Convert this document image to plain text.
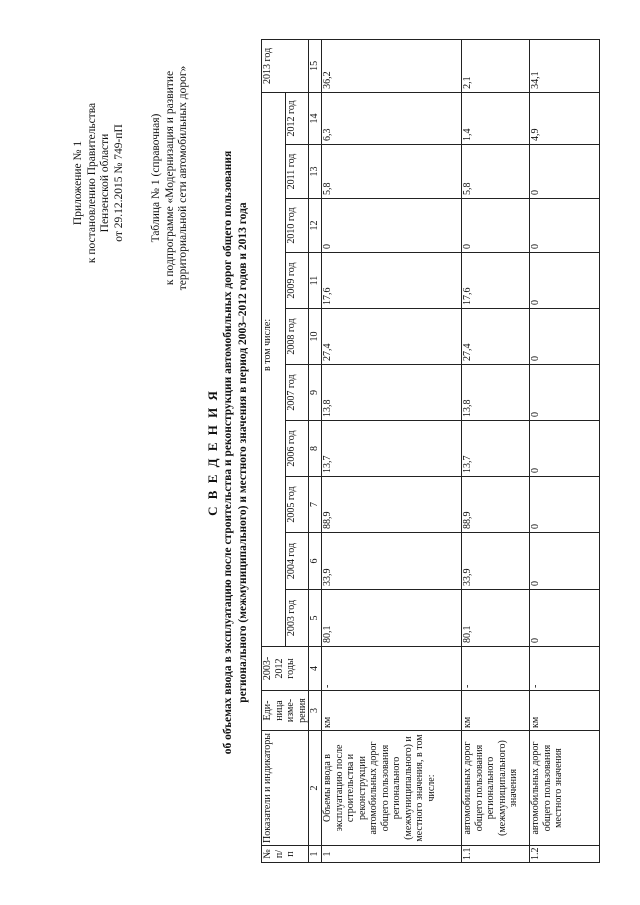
Приложение № 1 к постановлению Правительства Пензенской области от 29.12.2015 № 749-пП Таблица № 1 (справочная) к подпрограмме «Модернизация и развитие территориальной сети автомобильных дорог»
С В Е Д Е Н И Я об объемах ввода в эксплуатацию после строительства и реконструкции автомобильных дорог общего пользования регионального (межмуниципального) и местного значения в период 2003–2012 годов и 2013 года
№ п/п	Показатели и индикаторы	Еди-ница изме-рения	2003-2012 годы	в том числе:										2013 год
				2003 год	2004 год	2005 год	2006 год	2007 год	2008 год	2009 год	2010 год	2011 год	2012 год	
1	2	3	4	5	6	7	8	9	10	11	12	13	14	15
1	Объемы ввода в эксплуатацию после строительства и реконструкции автомобильных дорог общего пользования регионального (межмуниципального) и местного значения, в том числе:	км	-	80,1	33,9	88,9	13,7	13,8	27,4	17,6	0	5,8	6,3	36,2
1.1	автомобильных дорог общего пользования регионального (межмуниципального) значения	км	-	80,1	33,9	88,9	13,7	13,8	27,4	17,6	0	5,8	1,4	2,1
1.2	автомобильных дорог общего пользования местного значения	км	-	0	0	0	0	0	0	0	0	0	4,9	34,1
